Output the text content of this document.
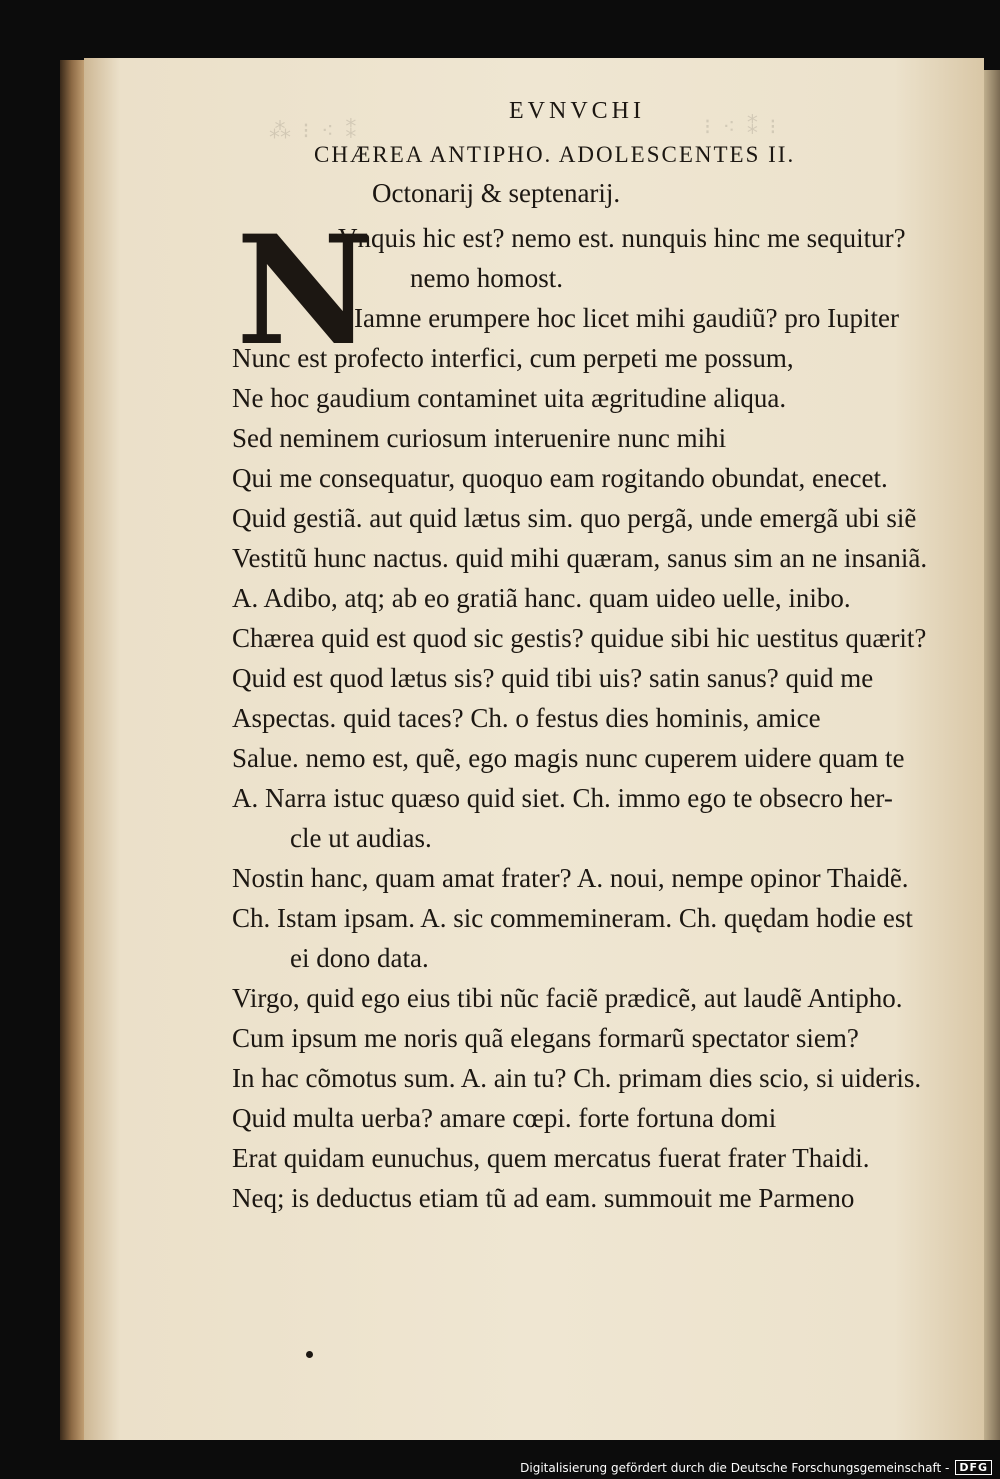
⁂ ⁝ ⁖ ⁑	⁝ ⁖ ⁑ ⁝
EVNVCHI
CHÆREA ANTIPHO. ADOLESCENTES II.
Octonarij & septenarij.
N
Vnquis hic est? nemo est. nunquis hinc me sequitur?
nemo homost.
Iamne erumpere hoc licet mihi gaudiũ? pro Iupiter
Nunc est profecto interfici, cum perpeti me possum,
Ne hoc gaudium contaminet uita ægritudine aliqua.
Sed neminem curiosum interuenire nunc mihi
Qui me consequatur, quoquo eam rogitando obundat, enecet.
Quid gestiã. aut quid lætus sim. quo pergã, unde emergã ubi siẽ
Vestitũ hunc nactus. quid mihi quæram, sanus sim an ne insaniã.
A. Adibo, atq; ab eo gratiã hanc. quam uideo uelle, inibo.
Chærea quid est quod sic gestis? quidue sibi hic uestitus quærit?
Quid est quod lætus sis? quid tibi uis? satin sanus? quid me
Aspectas. quid taces? Ch. o festus dies hominis, amice
Salue. nemo est, quẽ, ego magis nunc cuperem uidere quam te
A. Narra istuc quæso quid siet. Ch. immo ego te obsecro her-
cle ut audias.
Nostin hanc, quam amat frater? A. noui, nempe opinor Thaidẽ.
Ch. Istam ipsam. A. sic commemineram. Ch. quędam hodie est
ei dono data.
Virgo, quid ego eius tibi nũc faciẽ prædicẽ, aut laudẽ Antipho.
Cum ipsum me noris quã elegans formarũ spectator siem?
In hac cõmotus sum. A. ain tu? Ch. primam dies scio, si uideris.
Quid multa uerba? amare cœpi. forte fortuna domi
Erat quidam eunuchus, quem mercatus fuerat frater Thaidi.
Neq; is deductus etiam tũ ad eam. summouit me Parmeno
Digitalisierung gefördert durch die Deutsche Forschungsgemeinschaft - DFG
